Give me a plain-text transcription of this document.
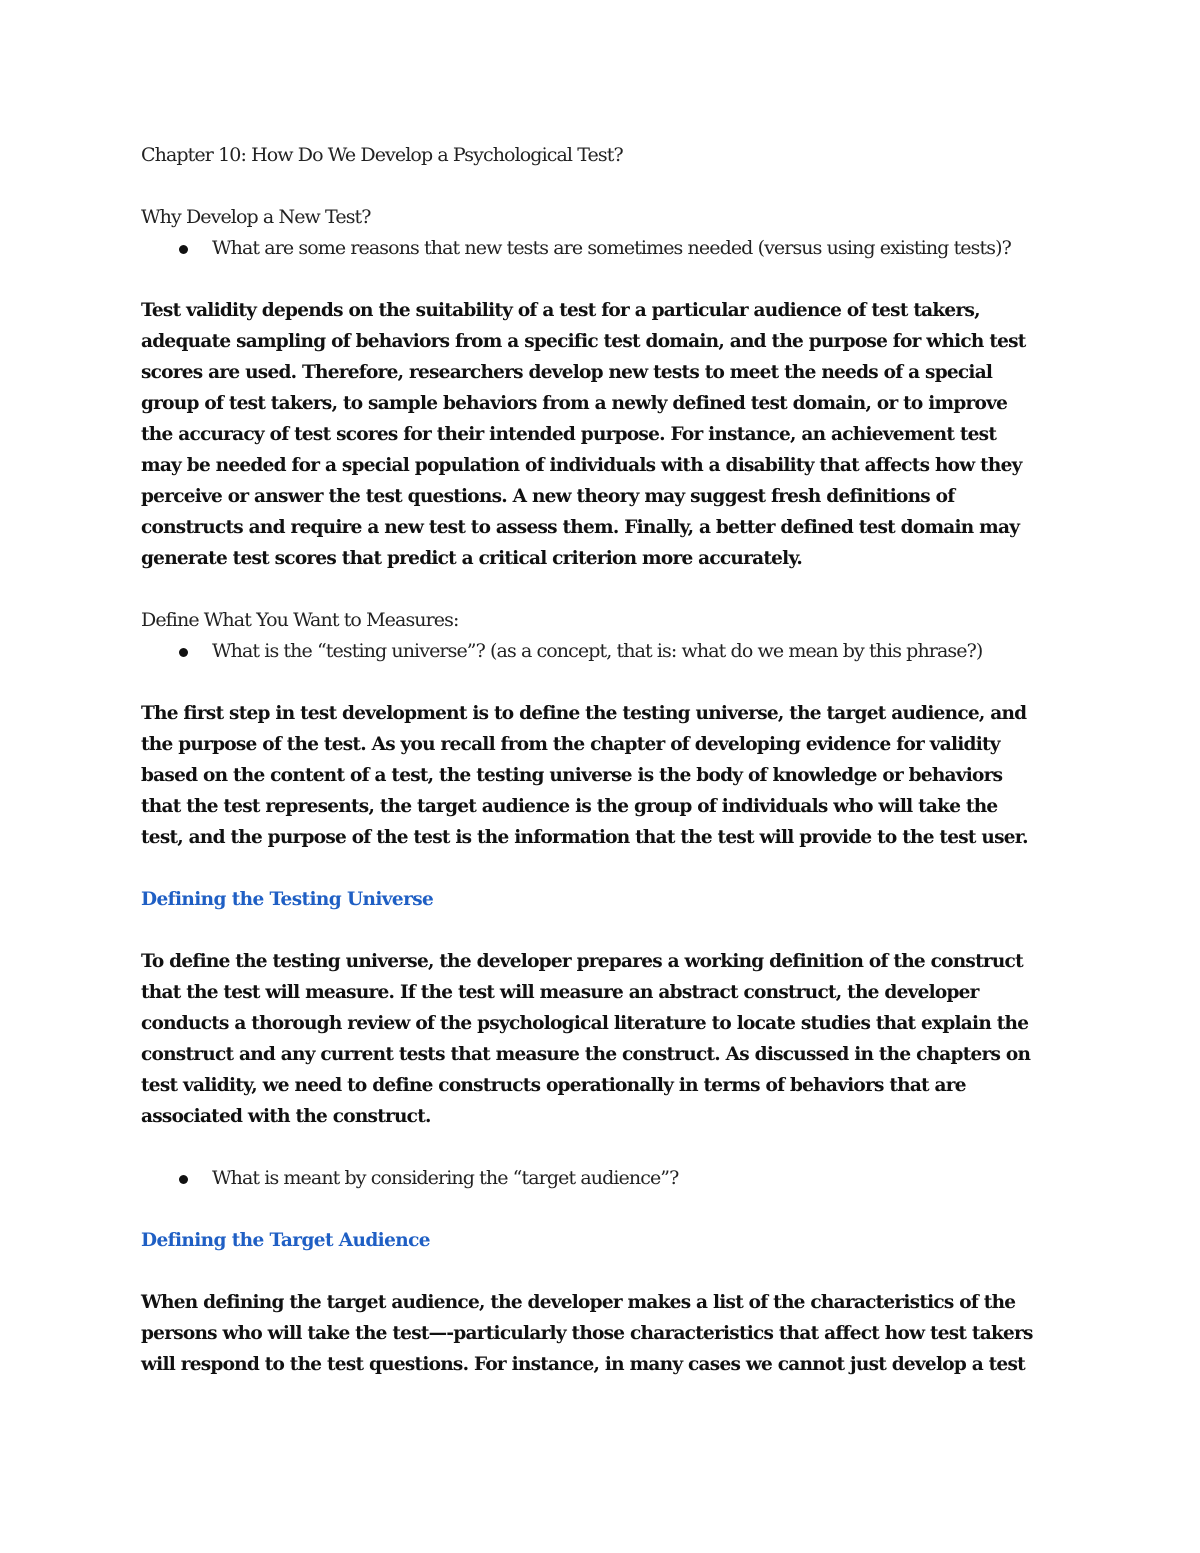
Chapter 10: How Do We Develop a Psychological Test?

Why Develop a New Test?

What are some reasons that new tests are sometimes needed (versus using existing tests)?

Test validity depends on the suitability of a test for a particular audience of test takers,
adequate sampling of behaviors from a specific test domain, and the purpose for which test
scores are used. Therefore, researchers develop new tests to meet the needs of a special
group of test takers, to sample behaviors from a newly defined test domain, or to improve
the accuracy of test scores for their intended purpose. For instance, an achievement test
may be needed for a special population of individuals with a disability that affects how they
perceive or answer the test questions. A new theory may suggest fresh definitions of
constructs and require a new test to assess them. Finally, a better defined test domain may
generate test scores that predict a critical criterion more accurately.

Define What You Want to Measures:

What is the “testing universe”? (as a concept, that is: what do we mean by this phrase?)

The first step in test development is to define the testing universe, the target audience, and
the purpose of the test. As you recall from the chapter of developing evidence for validity
based on the content of a test, the testing universe is the body of knowledge or behaviors
that the test represents, the target audience is the group of individuals who will take the
test, and the purpose of the test is the information that the test will provide to the test user.

Defining the Testing Universe

To define the testing universe, the developer prepares a working definition of the construct
that the test will measure. If the test will measure an abstract construct, the developer
conducts a thorough review of the psychological literature to locate studies that explain the
construct and any current tests that measure the construct. As discussed in the chapters on
test validity, we need to define constructs operationally in terms of behaviors that are
associated with the construct.

What is meant by considering the “target audience”?

Defining the Target Audience

When defining the target audience, the developer makes a list of the characteristics of the
persons who will take the test—-particularly those characteristics that affect how test takers
will respond to the test questions. For instance, in many cases we cannot just develop a test
